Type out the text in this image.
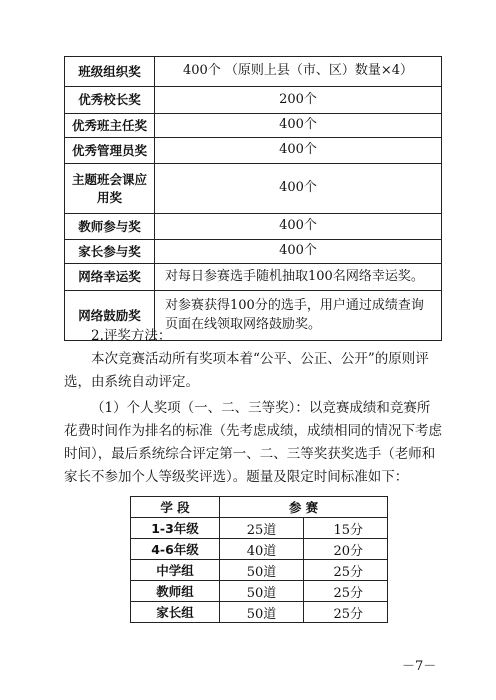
班级组织奖	400个 （原则上县（市、区）数量×4）
优秀校长奖	200个
优秀班主任奖	400个
优秀管理员奖	400个
主题班会课应用奖	400个
教师参与奖	400个
家长参与奖	400个
网络幸运奖	对每日参赛选手随机抽取100名网络幸运奖。
网络鼓励奖	对参赛获得100分的选手，用户通过成绩查询页面在线领取网络鼓励奖。

2.评奖方法：

本次竞赛活动所有奖项本着“公平、公正、公开”的原则评选，由系统自动评定。

（1）个人奖项（一、二、三等奖）：以竞赛成绩和竞赛所花费时间作为排名的标准（先考虑成绩，成绩相同的情况下考虑时间），最后系统综合评定第一、二、三等奖获奖选手（老师和家长不参加个人等级奖评选）。题量及限定时间标准如下：

学 段	参 赛	
1-3年级	25道	15分
4-6年级	40道	20分
中学组	50道	25分
教师组	50道	25分
家长组	50道	25分
－7－
